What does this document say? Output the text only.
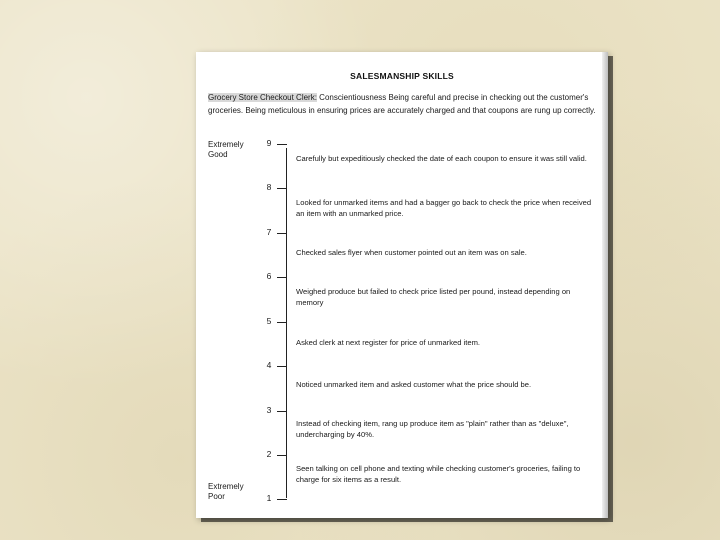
SALESMANSHIP SKILLS
Grocery Store Checkout Clerk: Conscientiousness Being careful and precise in checking out the customer's groceries. Being meticulous in ensuring prices are accurately charged and that coupons are rung up correctly.
Extremely
Good
Extremely
Poor
9
8
7
6
5
4
3
2
1
Carefully but expeditiously checked the date of each coupon to ensure it was still valid.
Looked for unmarked items and had a bagger go back to check the price when received an item with an unmarked price.
Checked sales flyer when customer pointed out an item was on sale.
Weighed produce but failed to check price listed per pound, instead depending on memory
Asked clerk at next register for price of unmarked item.
Noticed unmarked item and asked customer what the price should be.
Instead of checking item, rang up produce item as "plain" rather than as "deluxe", undercharging by 40%.
Seen talking on cell phone and texting while checking customer's groceries, failing to charge for six items as a result.
